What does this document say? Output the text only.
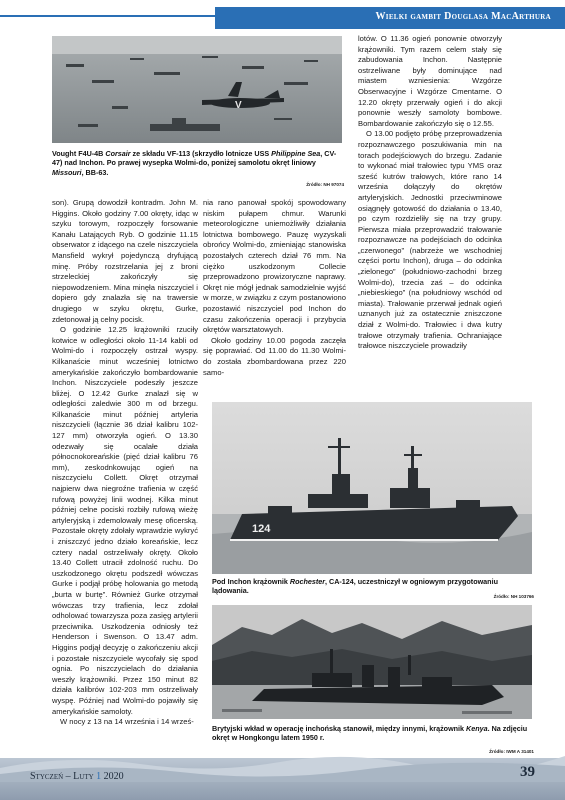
Wielki gambit Douglasa MacArthura
V
Vought F4U-4B Corsair ze składu VF-113 (skrzydło lotnicze USS Philippine Sea, CV-47) nad Inchon. Po prawej wysepka Wolmi-do, poniżej samolotu okręt liniowy Missouri, BB-63.
Źródło: NH 97074

son). Grupą dowodził kontradm. John M. Higgins. Około godziny 7.00 okręty, idąc w szyku torowym, rozpoczęły forsowanie Kanału Latających Ryb. O godzinie 11.15 obserwator z idącego na czele niszczyciela Mansfield wykrył pojedynczą dryfującą minę. Próby rozstrzelania jej z broni strzeleckiej zakończyły się niepowodzeniem. Mina minęła niszczyciel i dopiero gdy znalazła się na trawersie drugiego w szyku okrętu, Gurke, zdetonował ją celny pocisk.

O godzinie 12.25 krążowniki rzuciły kotwice w odległości około 11-14 kabli od Wolmi-do i rozpoczęły ostrzał wyspy. Kilkanaście minut wcześniej lotnictwo amerykańskie zakończyło bombardowanie Inchon. Niszczyciele podeszły jeszcze bliżej. O 12.42 Gurke znalazł się w odległości zaledwie 300 m od brzegu. Kilkanaście minut później artyleria niszczycieli (łącznie 36 dział kalibru 102-127 mm) otworzyła ogień. O 13.30 odezwały się ocalałe działa północnokoreańskie (pięć dział kalibru 76 mm), zeskodnkowując ogień na niszczycielu Collett. Okręt otrzymał najpierw dwa niegroźne trafienia w część rufową powyżej linii wodnej. Kilka minut później celne pociski rozbiły rufową wieżę artyleryjską i zdemolowały mesę oficerską. Pozostałe okręty zdołały wprawdzie wykryć i zniszczyć jedno działo koreańskie, lecz czterу nadal ostrzeliwały okręty. Około 13.40 Collett utracił zdolność ruchu. Do uszkodzonego okrętu podszedł wówczas Gurke i podjął próbę holowania go metodą „burta w burtę”. Również Gurke otrzymał wówczas trzy trafienia, lecz zdołał odholować towarzysza poza zasięg artylerii przeciwnika. Uszkodzenia odniosły też Henderson i Swenson. O 13.47 adm. Higgins podjął decyzję o zakończeniu akcji i pozostałe niszczyciele wycofały się spod ognia. Po niszczycielach do działania weszły krążowniki. Przez 150 minut 82 działa kalibrów 102-203 mm ostrzeliwały wyspę. Później nad Wolmi-do pojawiły się amerykańskie samoloty.

W nocy z 13 na 14 września i 14 wrześ-

nia rano panował spokój spowodowany niskim pułapem chmur. Warunki meteorologiczne uniemożliwiły działania lotnictwa bombowego. Pauzę wyzyskali obrońcy Wolmi-do, zmieniając stanowiska pozostałych czterech dział 76 mm. Na ciężko uszkodzonym Collecie przeprowadzono prowizoryczne naprawy. Okręt nie mógł jednak samodzielnie wyjść w morze, w związku z czym postanowiono pozostawić niszczyciel pod Inchon do czasu zakończenia operacji i przybycia okrętów warsztatowych.

Około godziny 10.00 pogoda zaczęła się poprawiać. Od 11.00 do 11.30 Wolmi-do została zbombardowana przez 220 samo-

lotów. O 11.36 ogień ponownie otworzyły krążowniki. Tym razem celem stały się zabudowania Inchon. Następnie ostrzeliwane były dominujące nad miastem wzniesienia: Wzgórze Obserwacyjne i Wzgórze Cmentarne. O 12.20 okręty przerwały ogień i do akcji ponownie weszły samoloty bombowe. Bombardowanie zakończyło się o 12.55.

O 13.00 podjęto próbę przeprowadzenia rozpoznawczego poszukiwania min na torach podejściowych do brzegu. Zadanie to wykonać miał trałowiec typu YMS oraz sześć kutrów trałowych, które rano 14 września dołączyły do okrętów artyleryjskich. Jednostki przeciwminowe osiągnęły gotowość do działania o 13.40, po czym rozdzieliły się na trzy grupy. Pierwsza miała przeprowadzić trałowanie rozpoznawcze na podejściach do odcinka „czerwonego” (nabrzeże we wschodniej części portu Inchon), druga – do odcinka „zielonego” (południowo-zachodni brzeg Wolmi-do), trzecia zaś – do odcinka „niebieskiego” (na południowy wschód od miasta). Trałowanie przerwał jednak ogień uznanych już za ostatecznie zniszczone dział z Wolmi-do. Trałowiec i dwa kutry trałowe otrzymały trafienia. Ochraniające trałowce niszczyciele prowadziły

124
Pod Inchon krążownik Rochester, CA-124, uczestniczył w ogniowym przygotowaniu lądowania.
Źródło: NH 103766
Brytyjski wkład w operację inchońską stanowił, między innymi, krążownik Kenya. Na zdjęciu okręt w Hongkongu latem 1950 r.
Źródło: IWM A 31401
Styczeń – Luty 1 2020	39
